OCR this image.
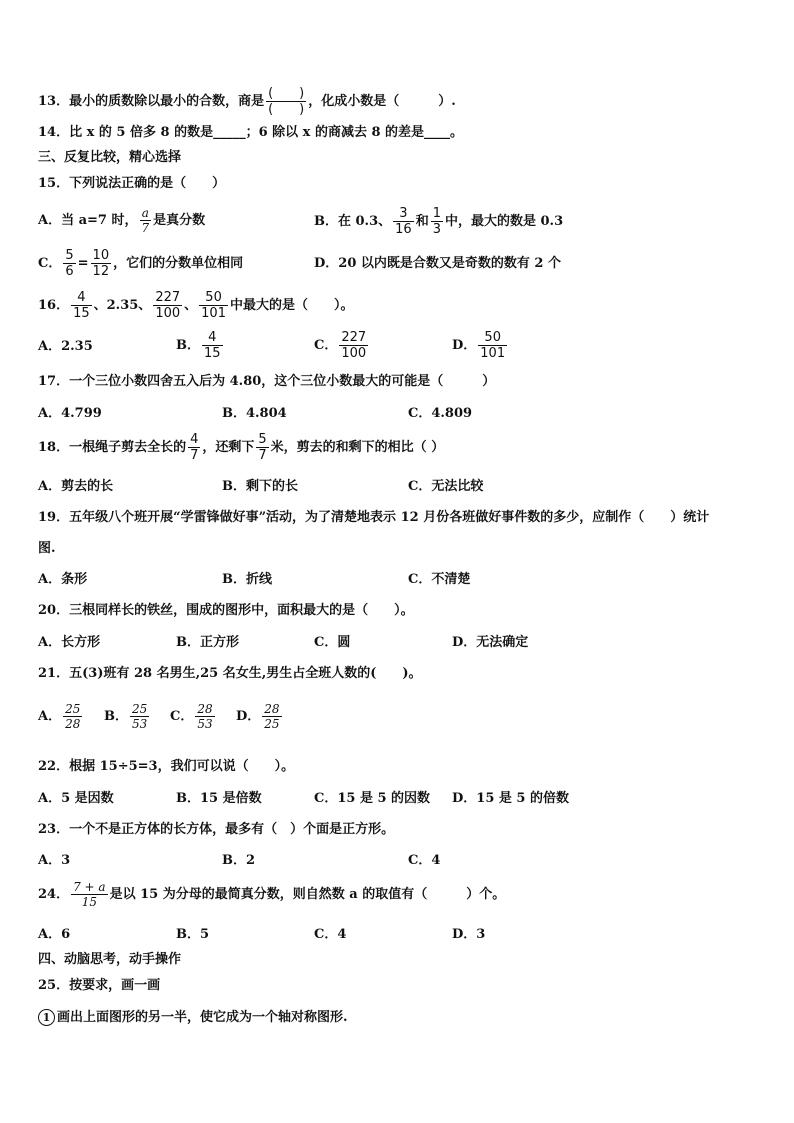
13．最小的质数除以最小的合数，商是 $\frac{( )}{( )}$ ，化成小数是（　　　）.
14．比 x 的 5 倍多 8 的数是_____；6 除以 x 的商减去 8 的差是____。
三、反复比较，精心选择
15．下列说法正确的是（　　）
A．当 a=7 时， $\frac{a}{7}$ 是真分数	B．在 0.3、 $\frac{3}{16}$ 和 $\frac{1}{3}$ 中，最大的数是 0.3
C． $\frac{5}{6} = \frac{10}{12}$ ，它们的分数单位相同	D．20 以内既是合数又是奇数的数有 2 个
16． $\frac{4}{15}$ 、2.35、 $\frac{227}{100}$ 、 $\frac{50}{101}$ 中最大的是（　　）。
A．2.35	B． $\frac{4}{15}$	C． $\frac{227}{100}$	D． $\frac{50}{101}$
17．一个三位小数四舍五入后为 4.80，这个三位小数最大的可能是（　　　）
A．4.799	B．4.804	C．4.809
18．一根绳子剪去全长的 $\frac{4}{7}$ ，还剩下 $\frac{5}{7}$ 米，剪去的和剩下的相比（ ）
A．剪去的长	B．剩下的长	C．无法比较
19．五年级八个班开展“学雷锋做好事”活动，为了清楚地表示 12 月份各班做好事件数的多少，应制作（　　）统计
图.
A．条形	B．折线	C．不清楚
20．三根同样长的铁丝，围成的图形中，面积最大的是（　　）。
A．长方形	B．正方形	C．圆	D．无法确定
21．五(3)班有 28 名男生,25 名女生,男生占全班人数的(　　)。
A． $\frac{25}{28}$ B． $\frac{25}{53}$ C． $\frac{28}{53}$ D． $\frac{28}{25}$
22．根据 15÷5=3，我们可以说（　　）。
A．5 是因数	B．15 是倍数	C．15 是 5 的因数 D．15 是 5 的倍数
23．一个不是正方体的长方体，最多有（　）个面是正方形。
A．3	B．2	C．4
24． $\frac{7 + a}{15}$ 是以 15 为分母的最简真分数，则自然数 a 的取值有（　　　）个。
A．6	B．5	C．4	D．3
四、动脑思考，动手操作
25．按要求，画一画
1 画出上面图形的另一半，使它成为一个轴对称图形.
